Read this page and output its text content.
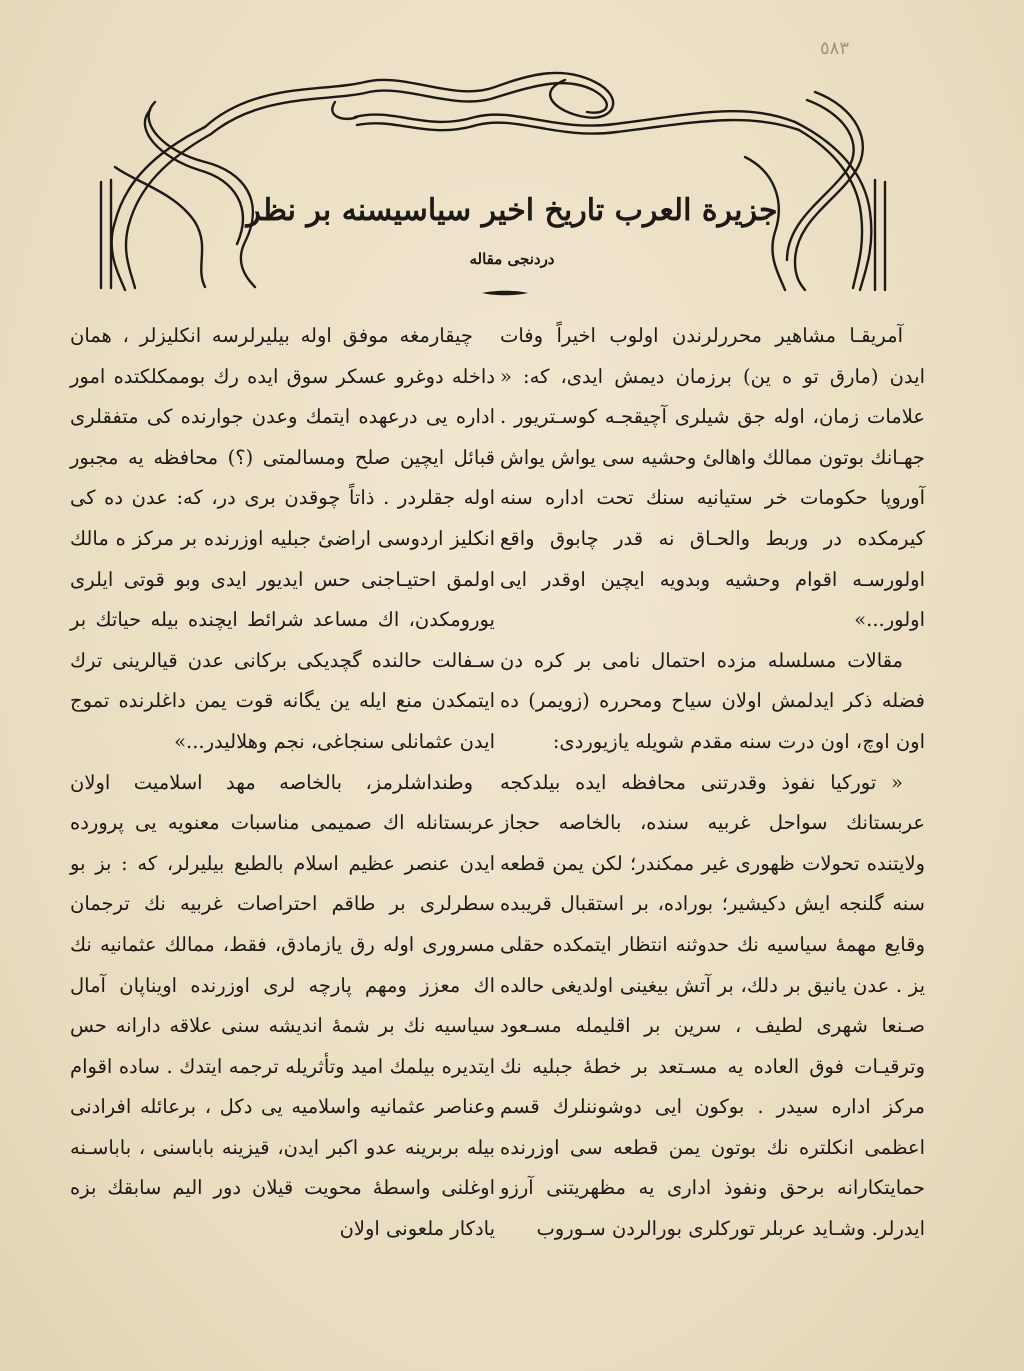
٥٨٣
جزيرة العرب تاريخ اخير سياسيسنه بر نظر
دردنجی مقاله

آمريقـا مشاهير محررلرندن اولوب اخيراً وفات ايدن (مارق تو ه ين) برزمان ديمش ايدى، كه: « علامات زمان، اوله جق شيلرى آچيقجـه كوسـتريور . جهـانك بوتون ممالك واهالئ وحشيه سى يواش يواش آوروپا حكومات خر ستيانيه سنك تحت اداره سنه كيرمكده در وربط والحـاق نه قدر چابوق واقع اولورسـه اقوام وحشيه وبدويه ايچين اوقدر ايى اولور...»

مقالات مسلسله مزده احتمال نامى بر كره دن فضله ذكر ايدلمش اولان سياح ومحرره (زويمر) ده اون اوچ، اون درت سنه مقدم شويله يازيوردى:

« توركيا نفوذ وقدرتنى محافظه ايده بيلدكجه عربستانك سواحل غربيه سنده، بالخاصه حجاز ولايتنده تحولات ظهورى غير ممكندر؛ لكن يمن قطعه سنه گلنجه ايش دكيشير؛ بوراده، بر استقبال قريبده وقايع مهمهٔ سياسيه نك حدوثنه انتظار ايتمكده حقلى يز . عدن يانيق بر دلك، بر آتش بيغينى اولديغى حالده صـنعا شهرى لطيف ، سرين بر اقليمله مسـعود وترقيـات فوق العاده يه مسـتعد بر خطهٔ جبليه نك مركز اداره سيدر . بوكون ايى دوشوننلرك قسم اعظمى انكلتره نك بوتون يمن قطعه سى اوزرنده حمايتكارانه برحق ونفوذ ادارى يه مظهريتنى آرزو ايدرلر. وشـايد عربلر توركلرى بورالردن سـوروب

چيقارمغه موفق اوله بيليرلرسه انكليزلر ، همان داخله دوغرو عسكر سوق ايده رك بوممكلكتده امور اداره يى درعهده ايتمك وعدن جوارنده كى متفقلرى قبائل ايچين صلح ومسالمتى (؟) محافظه يه مجبور اوله جقلردر . ذاتاً چوقدن برى در، كه: عدن ده كى انكليز اردوسى اراضئ جبليه اوزرنده بر مركز ه مالك اولمق احتيـاجنى حس ايديور ايدى وبو قوتى ايلرى يورومكدن، اك مساعد شرائط ايچنده بيله حياتك بر سـفالت حالنده گچديكى بركانى عدن قيالرينى ترك ايتمكدن منع ايله ين يگانه قوت يمن داغلرنده تموج ايدن عثمانلى سنجاغى، نجم وهلاليدر...»

وطنداشلرمز، بالخاصه مهد اسلاميت اولان عربستانله اك صميمى مناسبات معنويه يى پرورده ايدن عنصر عظيم اسلام بالطبع بيليرلر، كه : بز بو سطرلرى بر طاقم احتراصات غربيه نك ترجمان مسرورى اوله رق يازمادق، فقط، ممالك عثمانيه نك اك معزز ومهم پارچه لرى اوزرنده اويناپان آمال سياسيه نك بر شمهٔ انديشه سنى علاقه دارانه حس ايتديره بيلمك اميد وتأثريله ترجمه ايتدك . ساده اقوام وعناصر عثمانيه واسلاميه يى دكل ، برعائله افرادنى بيله بربرينه عدو اكبر ايدن، قيزينه باباسنى ، باباسـنه اوغلنى واسطهٔ محويت قيلان دور اليم سابقك بزه يادكار ملعونى اولان
